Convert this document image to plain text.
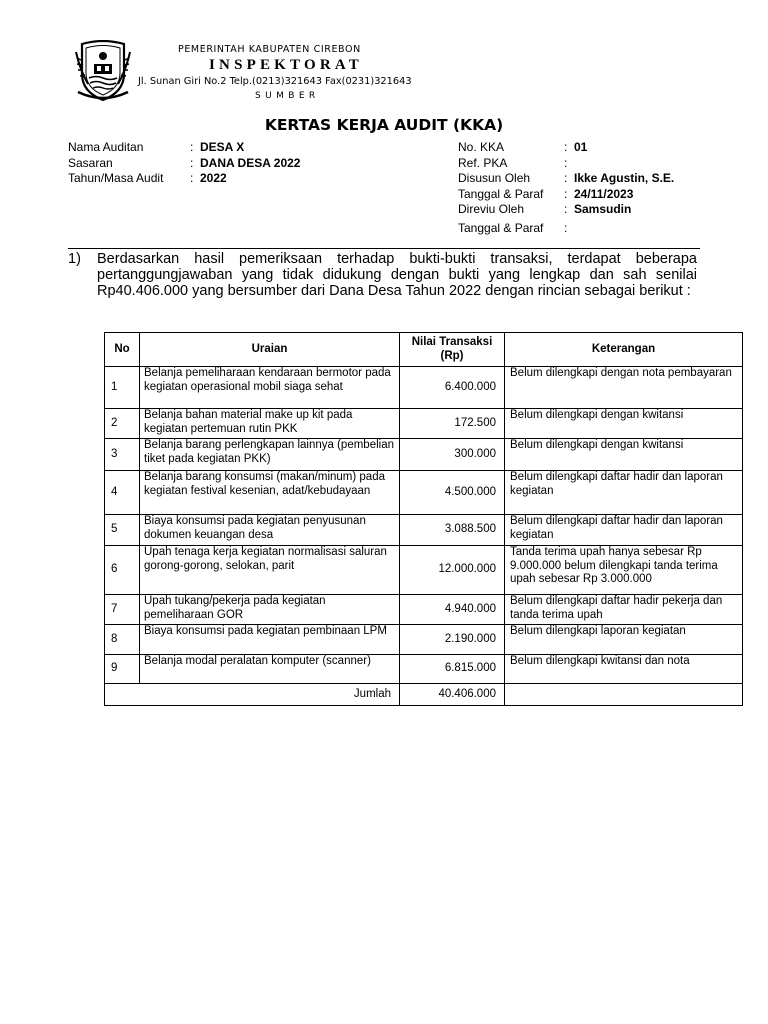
PEMERINTAH KABUPATEN CIREBON
INSPEKTORAT
Jl. Sunan Giri No.2 Telp.(0213)321643 Fax(0231)321643
SUMBER
KERTAS KERJA AUDIT (KKA)
Nama Auditan	: DESA X
Sasaran	: DANA DESA 2022
Tahun/Masa Audit : 2022
No. KKA	: 01
Ref. PKA	:
Disusun Oleh	: Ikke Agustin, S.E.
Tanggal & Paraf : 24/11/2023
Direviu Oleh	: Samsudin
Tanggal & Paraf :
1)	Berdasarkan hasil pemeriksaan terhadap bukti-bukti transaksi, terdapat beberapa pertanggungjawaban yang tidak didukung dengan bukti yang lengkap dan sah senilai Rp40.406.000 yang bersumber dari Dana Desa Tahun 2022 dengan rincian sebagai berikut :
No	Uraian	Nilai Transaksi (Rp)	Keterangan
1	Belanja pemeliharaan kendaraan bermotor pada kegiatan operasional mobil siaga sehat	6.400.000	Belum dilengkapi dengan nota pembayaran
2	Belanja bahan material make up kit pada kegiatan pertemuan rutin PKK	172.500	Belum dilengkapi dengan kwitansi
3	Belanja barang perlengkapan lainnya (pembelian tiket pada kegiatan PKK)	300.000	Belum dilengkapi dengan kwitansi
4	Belanja barang konsumsi (makan/minum) pada kegiatan festival kesenian, adat/kebudayaan	4.500.000	Belum dilengkapi daftar hadir dan laporan kegiatan
5	Biaya konsumsi pada kegiatan penyusunan dokumen keuangan desa	3.088.500	Belum dilengkapi daftar hadir dan laporan kegiatan
6	Upah tenaga kerja kegiatan normalisasi saluran gorong-gorong, selokan, parit	12.000.000	Tanda terima upah hanya sebesar Rp 9.000.000 belum dilengkapi tanda terima upah sebesar Rp 3.000.000
7	Upah tukang/pekerja pada kegiatan pemeliharaan GOR	4.940.000	Belum dilengkapi daftar hadir pekerja dan tanda terima upah
8	Biaya konsumsi pada kegiatan pembinaan LPM	2.190.000	Belum dilengkapi laporan kegiatan
9	Belanja modal peralatan komputer (scanner)	6.815.000	Belum dilengkapi kwitansi dan nota
Jumlah		40.406.000	
